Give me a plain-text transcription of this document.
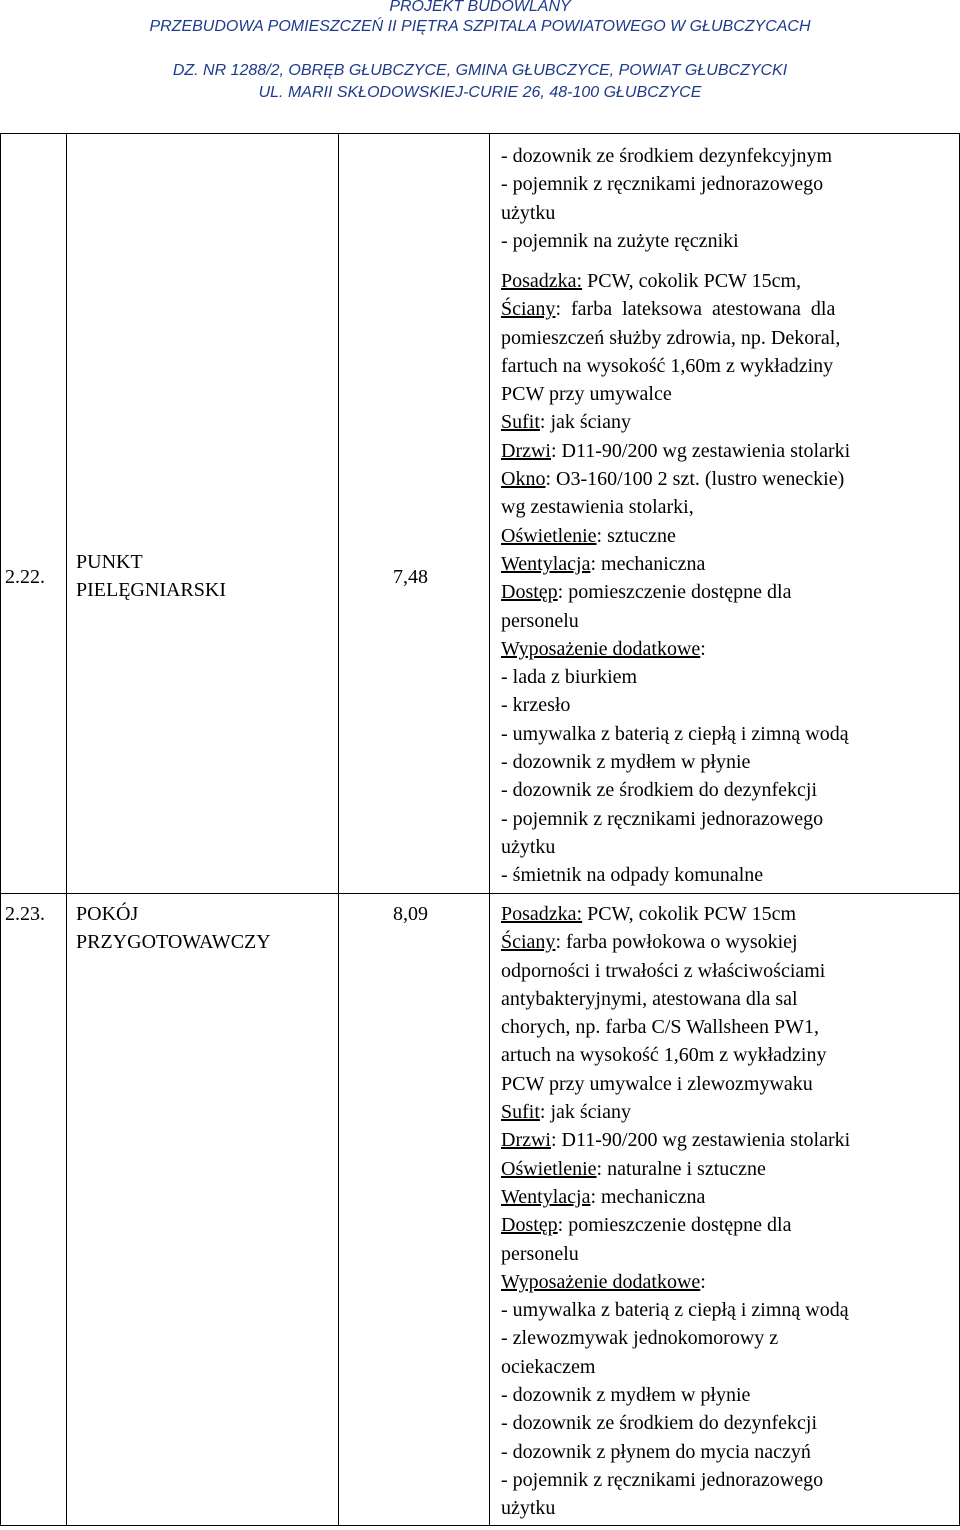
PROJEKT BUDOWLANY
PRZEBUDOWA POMIESZCZEŃ II PIĘTRA SZPITALA POWIATOWEGO W GŁUBCZYCACH
DZ. NR 1288/2, OBRĘB GŁUBCZYCE, GMINA GŁUBCZYCE, POWIAT GŁUBCZYCKI
UL. MARII SKŁODOWSKIEJ-CURIE 26, 48-100 GŁUBCZYCE
- dozownik ze środkiem dezynfekcyjnym
- pojemnik z ręcznikami jednorazowego
użytku
- pojemnik na zużyte ręczniki
2.22.
PUNKT
PIELĘGNIARSKI
7,48
Posadzka: PCW, cokolik PCW 15cm,
Ściany:  farba  lateksowa  atestowana  dla
pomieszczeń służby zdrowia, np. Dekoral,
fartuch na wysokość 1,60m z wykładziny
PCW przy umywalce
Sufit: jak ściany
Drzwi: D11-90/200 wg zestawienia stolarki
Okno: O3-160/100 2 szt. (lustro weneckie)
wg zestawienia stolarki,
Oświetlenie: sztuczne
Wentylacja: mechaniczna
Dostęp: pomieszczenie dostępne dla
personelu
Wyposażenie dodatkowe:
- lada z biurkiem
- krzesło
- umywalka z baterią z ciepłą i zimną wodą
- dozownik z mydłem w płynie
- dozownik ze środkiem do dezynfekcji
- pojemnik z ręcznikami jednorazowego
użytku
- śmietnik na odpady komunalne
2.23. POKÓJ
PRZYGOTOWAWCZY
8,09	Posadzka: PCW, cokolik PCW 15cm
Ściany: farba powłokowa o wysokiej
odporności i trwałości z właściwościami
antybakteryjnymi, atestowana dla sal
chorych, np. farba C/S Wallsheen PW1,
artuch na wysokość 1,60m z wykładziny
PCW przy umywalce i zlewozmywaku
Sufit: jak ściany
Drzwi: D11-90/200 wg zestawienia stolarki
Oświetlenie: naturalne i sztuczne
Wentylacja: mechaniczna
Dostęp: pomieszczenie dostępne dla
personelu
Wyposażenie dodatkowe:
- umywalka z baterią z ciepłą i zimną wodą
- zlewozmywak jednokomorowy z
ociekaczem
- dozownik z mydłem w płynie
- dozownik ze środkiem do dezynfekcji
- dozownik z płynem do mycia naczyń
- pojemnik z ręcznikami jednorazowego
użytku
